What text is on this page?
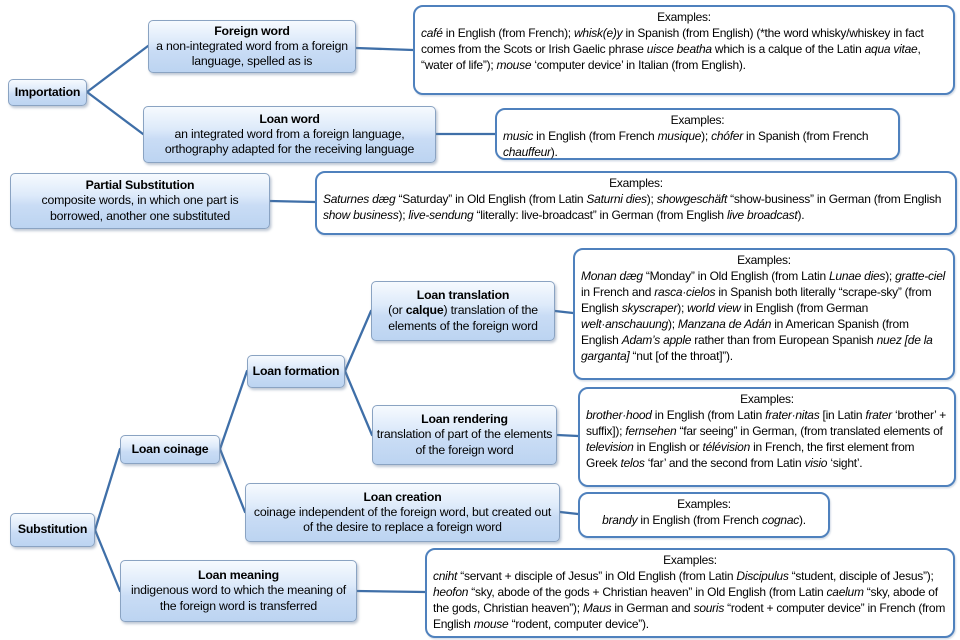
Importation
Foreign word
a non-integrated word from a foreign language, spelled as is
Loan word
an integrated word from a foreign language, orthography adapted for the receiving language
Partial Substitution
composite words, in which one part is borrowed, another one substituted
Substitution
Loan coinage
Loan formation
Loan translation
(or calque) translation of the elements of the foreign word
Loan rendering
translation of part of the elements of the foreign word
Loan creation
coinage independent of the foreign word, but created out of the desire to replace a foreign word
Loan meaning
indigenous word to which the meaning of the foreign word is transferred
Examples:
café in English (from French); whisk(e)y in Spanish (from English) (*the word whisky/whiskey in fact comes from the Scots or Irish Gaelic phrase uisce beatha which is a calque of the Latin aqua vitae, “water of life”); mouse ‘computer device’ in Italian (from English).
Examples:
music in English (from French musique); chófer in Spanish (from French chauffeur).
Examples:
Saturnes dæg “Saturday” in Old English (from Latin Saturni dies); showgeschäft “show-business” in German (from English show business); live-sendung “literally: live-broadcast” in German (from English live broadcast).
Examples:
Monan dæg “Monday” in Old English (from Latin Lunae dies); gratte-ciel in French and rasca·cielos in Spanish both literally “scrape-sky” (from English skyscraper); world view in English (from German welt·anschauung); Manzana de Adán in American Spanish (from English Adam’s apple rather than from European Spanish nuez [de la garganta] “nut [of the throat]”).
Examples:
brother·hood in English (from Latin frater·nitas [in Latin frater ‘brother’ + suffix]); fernsehen “far seeing” in German, (from translated elements of television in English or télévision in French, the first element from Greek telos ‘far’ and the second from Latin visio ‘sight’.
Examples:
brandy in English (from French cognac).
Examples:
cniht “servant + disciple of Jesus” in Old English (from Latin Discipulus “student, disciple of Jesus”); heofon “sky, abode of the gods + Christian heaven” in Old English (from Latin caelum “sky, abode of the gods, Christian heaven”); Maus in German and souris “rodent + computer device” in French (from English mouse “rodent, computer device”).
